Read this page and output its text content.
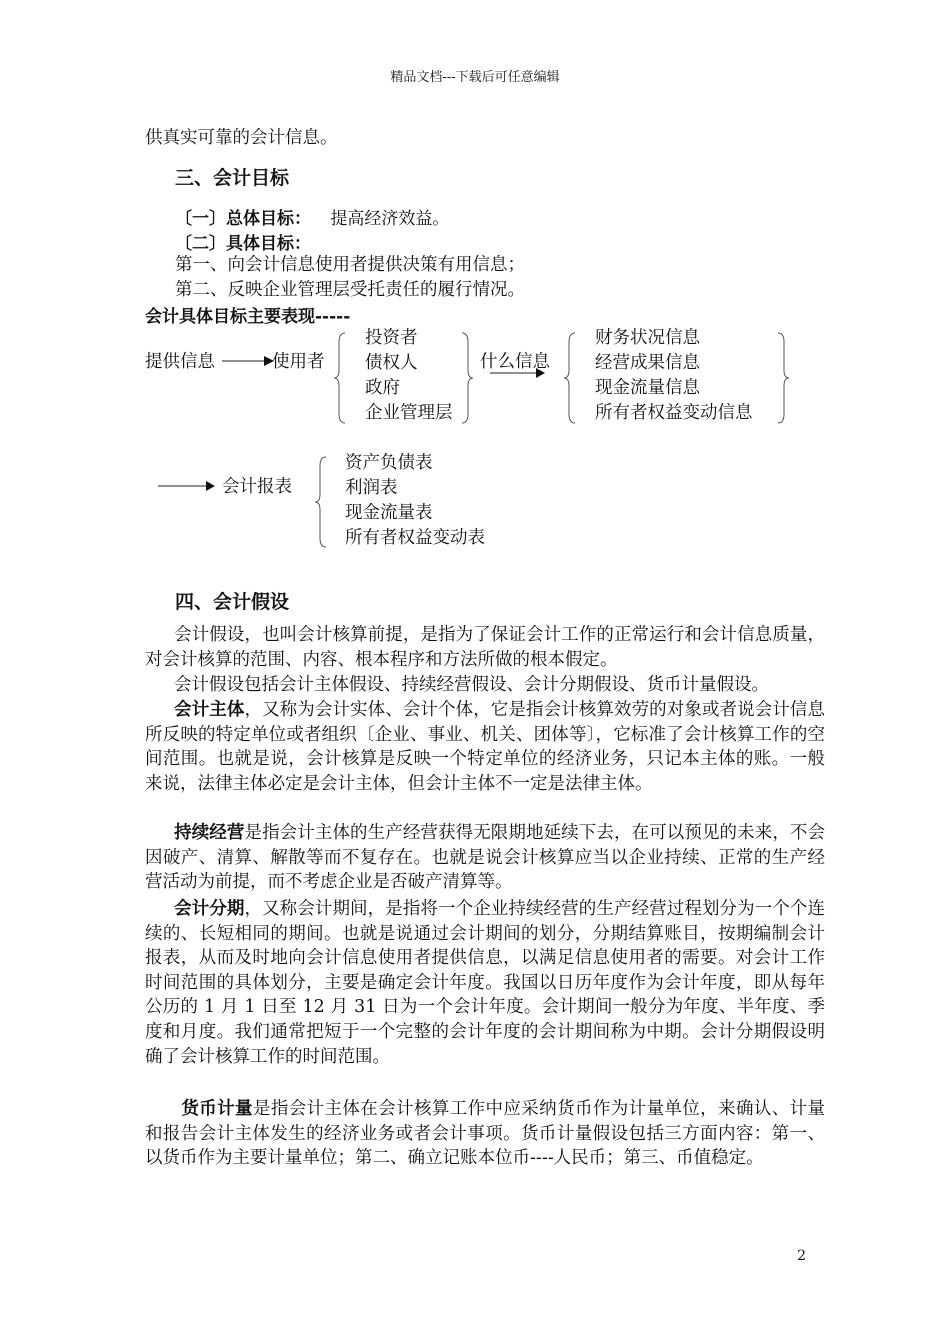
精品文档---下载后可任意编辑
供真实可靠的会计信息。
三、会计目标
〔一〕总体目标： 提高经济效益。
〔二〕具体目标：
第一、向会计信息使用者提供决策有用信息；
第二、反映企业管理层受托责任的履行情况。
会计具体目标主要表现-----
提供信息	使用者
投资者
债权人
政府
企业管理层
什么信息
财务状况信息
经营成果信息
现金流量信息
所有者权益变动信息
会计报表
资产负债表
利润表
现金流量表
所有者权益变动表
四、会计假设
会计假设，也叫会计核算前提，是指为了保证会计工作的正常运行和会计信息质量，对会计核算的范围、内容、根本程序和方法所做的根本假定。
会计假设包括会计主体假设、持续经营假设、会计分期假设、货币计量假设。
会计主体，又称为会计实体、会计个体，它是指会计核算效劳的对象或者说会计信息所反映的特定单位或者组织〔企业、事业、机关、团体等〕，它标准了会计核算工作的空间范围。也就是说，会计核算是反映一个特定单位的经济业务，只记本主体的账。一般来说，法律主体必定是会计主体，但会计主体不一定是法律主体。
持续经营是指会计主体的生产经营获得无限期地延续下去，在可以预见的未来，不会因破产、清算、解散等而不复存在。也就是说会计核算应当以企业持续、正常的生产经营活动为前提，而不考虑企业是否破产清算等。
会计分期，又称会计期间，是指将一个企业持续经营的生产经营过程划分为一个个连续的、长短相同的期间。也就是说通过会计期间的划分，分期结算账目，按期编制会计报表，从而及时地向会计信息使用者提供信息，以满足信息使用者的需要。对会计工作时间范围的具体划分，主要是确定会计年度。我国以日历年度作为会计年度，即从每年公历的 1 月 1 日至 12 月 31 日为一个会计年度。会计期间一般分为年度、半年度、季度和月度。我们通常把短于一个完整的会计年度的会计期间称为中期。会计分期假设明确了会计核算工作的时间范围。
货币计量是指会计主体在会计核算工作中应采纳货币作为计量单位，来确认、计量和报告会计主体发生的经济业务或者会计事项。货币计量假设包括三方面内容：第一、以货币作为主要计量单位；第二、确立记账本位币----人民币；第三、币值稳定。
2
